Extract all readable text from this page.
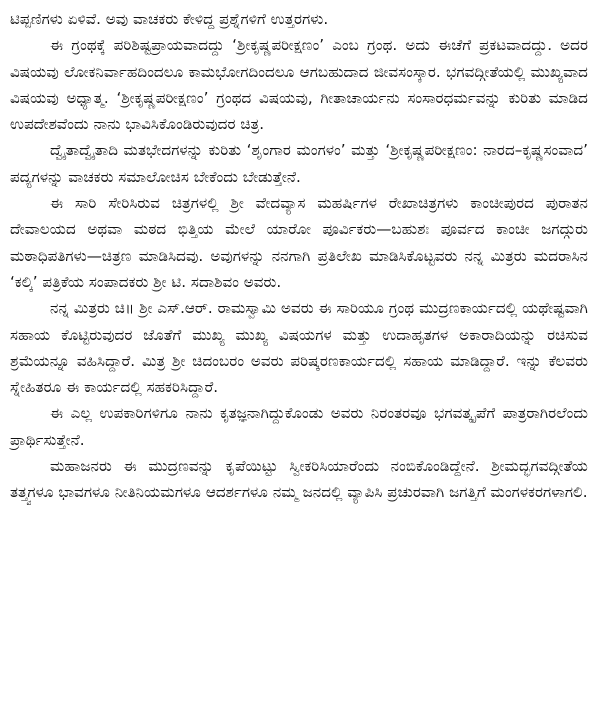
ಟಿಪ್ಪಣಿಗಳು ಏಳಿವೆ. ಅವು ವಾಚಕರು ಕೇಳಿದ್ದ ಪ್ರಶ್ನೆಗಳಿಗೆ ಉತ್ತರಗಳು.

ಈ ಗ್ರಂಥಕ್ಕೆ ಪರಿಶಿಷ್ಟಪ್ರಾಯವಾದದ್ದು ‘ಶ್ರೀಕೃಷ್ಣಪರೀಕ್ಷಣಂ’ ಎಂಬ ಗ್ರಂಥ. ಅದು ಈಚೆಗೆ ಪ್ರಕಟವಾದದ್ದು. ಅದರ ವಿಷಯವು ಲೋಕನಿರ್ವಾಹದಿಂದಲೂ ಕಾಮಭೋಗದಿಂದಲೂ ಆಗಬಹುದಾದ ಜೀವಸಂಸ್ಕಾರ. ಭಗವದ್ಗೀತೆಯಲ್ಲಿ ಮುಖ್ಯವಾದ ವಿಷಯವು ಅಧ್ಯಾತ್ಮ. ‘ಶ್ರೀಕೃಷ್ಣಪರೀಕ್ಷಣಂ’ ಗ್ರಂಥದ ವಿಷಯವು, ಗೀತಾಚಾರ್ಯನು ಸಂಸಾರಧರ್ಮವನ್ನು ಕುರಿತು ಮಾಡಿದ ಉಪದೇಶವೆಂದು ನಾನು ಭಾವಿಸಿಕೊಂಡಿರುವುದರ ಚಿತ್ರ.

ದ್ವೈತಾದ್ವೈತಾದಿ ಮತಭೇದಗಳನ್ನು ಕುರಿತು ‘ಶೃಂಗಾರ ಮಂಗಳಂ’ ಮತ್ತು ‘ಶ್ರೀಕೃಷ್ಣಪರೀಕ್ಷಣಂ: ನಾರದ–ಕೃಷ್ಣಸಂವಾದ’ ಪದ್ಯಗಳನ್ನು ವಾಚಕರು ಸಮಾಲೋಚಿಸ ಬೇಕೆಂದು ಬೇಡುತ್ತೇನೆ.

ಈ ಸಾರಿ ಸೇರಿಸಿರುವ ಚಿತ್ರಗಳಲ್ಲಿ ಶ್ರೀ ವೇದವ್ಯಾಸ ಮಹರ್ಷಿಗಳ ರೇಖಾಚಿತ್ರಗಳು ಕಾಂಚೀಪುರದ ಪುರಾತನ ದೇವಾಲಯದ ಅಥವಾ ಮಠದ ಭಿತ್ತಿಯ ಮೇಲೆ ಯಾರೋ ಪೂರ್ವಿಕರು—ಬಹುಶಃ ಪೂರ್ವದ ಕಾಂಚೀ ಜಗದ್ಗುರು ಮಠಾಧಿಪತಿಗಳು—ಚಿತ್ರಣ ಮಾಡಿಸಿದವು. ಅವುಗಳನ್ನು ನನಗಾಗಿ ಪ್ರತಿಲೇಖ ಮಾಡಿಸಿಕೊಟ್ಟವರು ನನ್ನ ಮಿತ್ರರು ಮದರಾಸಿನ ‘ಕಲ್ಕಿ’ ಪತ್ರಿಕೆಯ ಸಂಪಾದಕರು ಶ್ರೀ ಟಿ. ಸದಾಶಿವಂ ಅವರು.

ನನ್ನ ಮಿತ್ರರು ಚಿ॥ ಶ್ರೀ ಎಸ್.ಆರ್. ರಾಮಸ್ವಾಮಿ ಅವರು ಈ ಸಾರಿಯೂ ಗ್ರಂಥ ಮುದ್ರಣಕಾರ್ಯದಲ್ಲಿ ಯಥೇಷ್ಟವಾಗಿ ಸಹಾಯ ಕೊಟ್ಟಿರುವುದರ ಜೊತೆಗೆ ಮುಖ್ಯ ಮುಖ್ಯ ವಿಷಯಗಳ ಮತ್ತು ಉದಾಹೃತಗಳ ಅಕಾರಾದಿಯನ್ನು ರಚಿಸುವ ಶ್ರಮೆಯನ್ನೂ ವಹಿಸಿದ್ದಾರೆ. ಮಿತ್ರ ಶ್ರೀ ಚಿದಂಬರಂ ಅವರು ಪರಿಷ್ಕರಣಕಾರ್ಯದಲ್ಲಿ ಸಹಾಯ ಮಾಡಿದ್ದಾರೆ. ಇನ್ನು ಕೆಲವರು ಸ್ನೇಹಿತರೂ ಈ ಕಾರ್ಯದಲ್ಲಿ ಸಹಕರಿಸಿದ್ದಾರೆ.

ಈ ಎಲ್ಲ ಉಪಕಾರಿಗಳಿಗೂ ನಾನು ಕೃತಜ್ಞನಾಗಿದ್ದುಕೊಂಡು ಅವರು ನಿರಂತರವೂ ಭಗವತ್ಕೃಪೆಗೆ ಪಾತ್ರರಾಗಿರಲೆಂದು ಪ್ರಾರ್ಥಿಸುತ್ತೇನೆ.

ಮಹಾಜನರು ಈ ಮುದ್ರಣವನ್ನು ಕೃಪೆಯಿಟ್ಟು ಸ್ವೀಕರಿಸಿಯಾರೆಂದು ನಂಬಿಕೊಂಡಿದ್ದೇನೆ. ಶ್ರೀಮದ್ಭಗವದ್ಗೀತೆಯ ತತ್ತ್ವಗಳೂ ಭಾವಗಳೂ ನೀತಿನಿಯಮಗಳೂ ಆದರ್ಶಗಳೂ ನಮ್ಮ ಜನದಲ್ಲಿ ವ್ಯಾಪಿಸಿ ಪ್ರಚುರವಾಗಿ ಜಗತ್ತಿಗೆ ಮಂಗಳಕರಗಳಾಗಲಿ.
